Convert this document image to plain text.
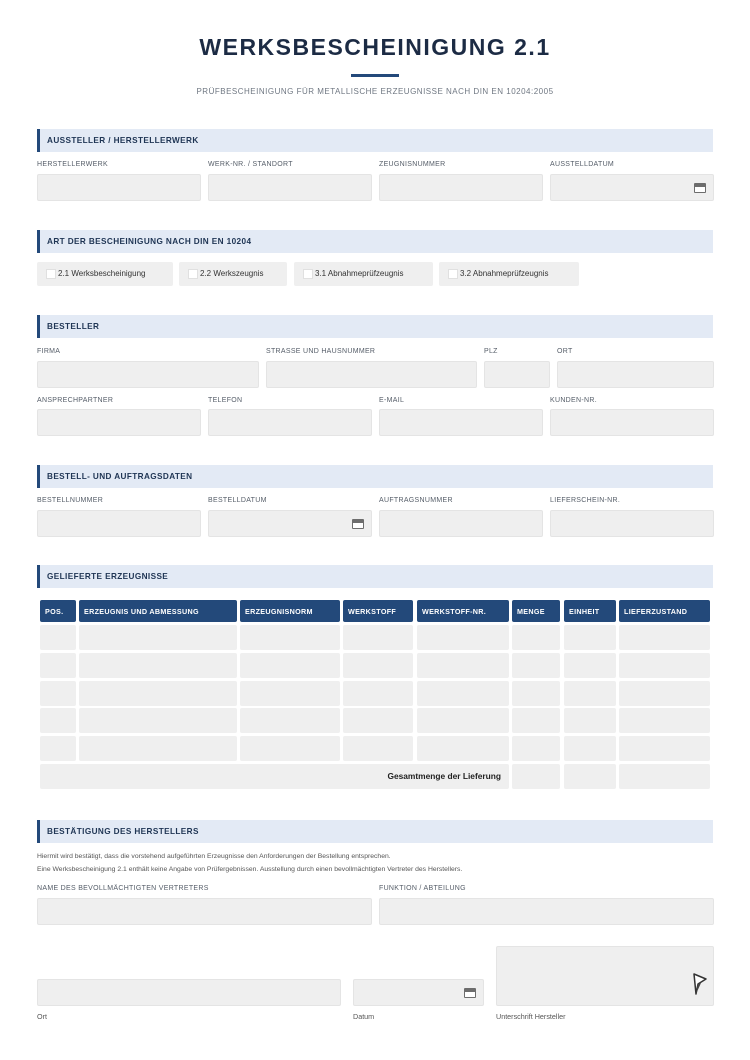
WERKSBESCHEINIGUNG 2.1
PRÜFBESCHEINIGUNG FÜR METALLISCHE ERZEUGNISSE NACH DIN EN 10204:2005
AUSSTELLER / HERSTELLERWERK
HERSTELLERWERK	WERK-NR. / STANDORT	ZEUGNISNUMMER	AUSSTELLDATUM
ART DER BESCHEINIGUNG NACH DIN EN 10204
2.1 Werksbescheinigung	2.2 Werkszeugnis	3.1 Abnahmeprüfzeugnis	3.2 Abnahmeprüfzeugnis
BESTELLER
FIRMA	STRASSE UND HAUSNUMMER	PLZ	ORT
ANSPRECHPARTNER	TELEFON	E-MAIL	KUNDEN-NR.
BESTELL- UND AUFTRAGSDATEN
BESTELLNUMMER	BESTELLDATUM	AUFTRAGSNUMMER	LIEFERSCHEIN-NR.
GELIEFERTE ERZEUGNISSE
POS.	ERZEUGNIS UND ABMESSUNG	ERZEUGNISNORM	WERKSTOFF	WERKSTOFF-NR.	MENGE	EINHEIT	LIEFERZUSTAND
Gesamtmenge der Lieferung
BESTÄTIGUNG DES HERSTELLERS
Hiermit wird bestätigt, dass die vorstehend aufgeführten Erzeugnisse den Anforderungen der Bestellung entsprechen.
Eine Werksbescheinigung 2.1 enthält keine Angabe von Prüfergebnissen. Ausstellung durch einen bevollmächtigten Vertreter des Herstellers.
NAME DES BEVOLLMÄCHTIGTEN VERTRETERS	FUNKTION / ABTEILUNG
Ort	Datum	Unterschrift Hersteller
